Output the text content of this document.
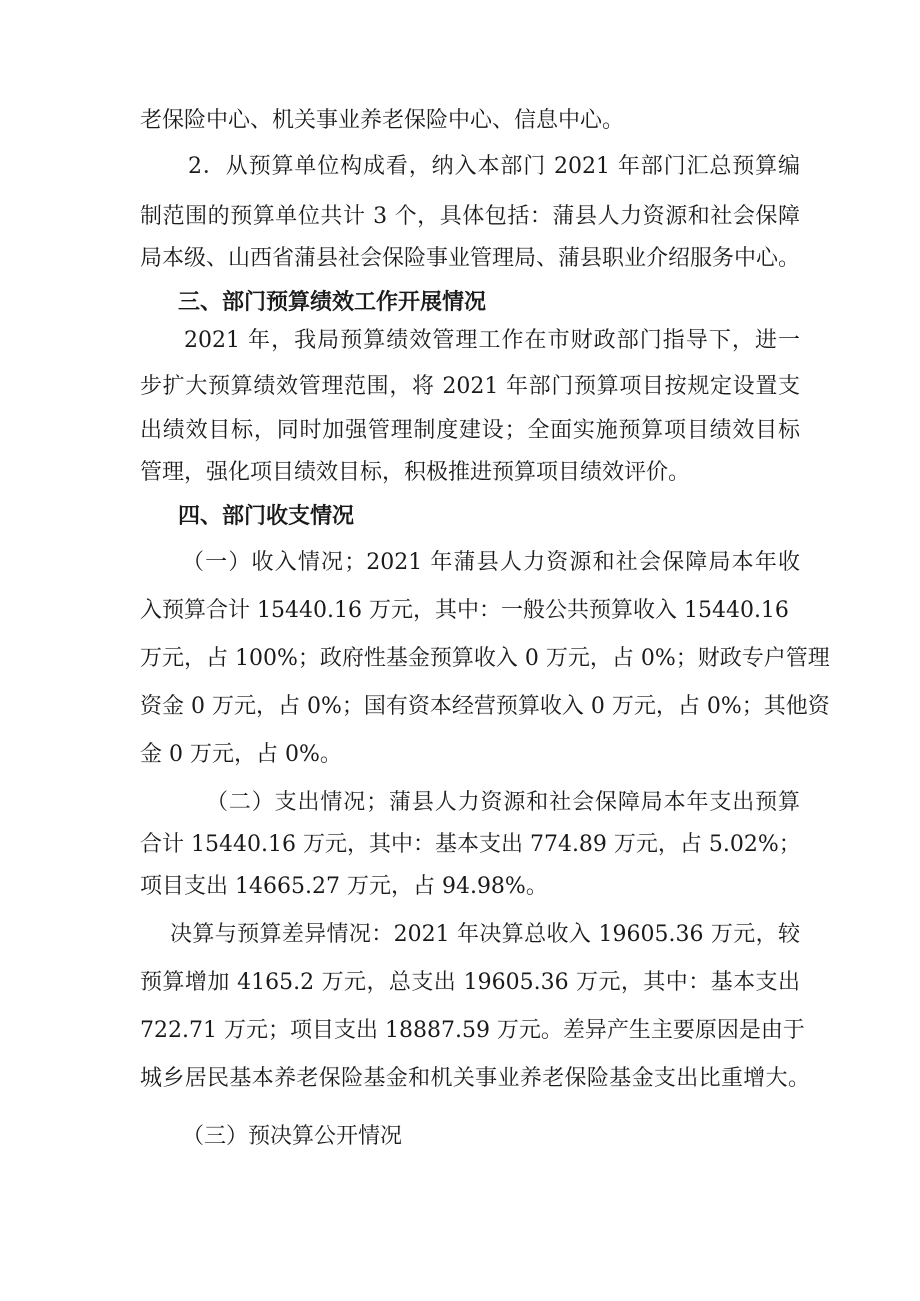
老保险中心、机关事业养老保险中心、信息中心。
2．从预算单位构成看，纳入本部门 2021 年部门汇总预算编
制范围的预算单位共计 3 个，具体包括：蒲县人力资源和社会保障
局本级、山西省蒲县社会保险事业管理局、蒲县职业介绍服务中心。
三、部门预算绩效工作开展情况
2021 年，我局预算绩效管理工作在市财政部门指导下，进一
步扩大预算绩效管理范围，将 2021 年部门预算项目按规定设置支
出绩效目标，同时加强管理制度建设；全面实施预算项目绩效目标
管理，强化项目绩效目标，积极推进预算项目绩效评价。
四、部门收支情况
（一）收入情况；2021 年蒲县人力资源和社会保障局本年收
入预算合计 15440.16 万元，其中：一般公共预算收入 15440.16
万元，占 100%；政府性基金预算收入 0 万元，占 0%；财政专户管理
资金 0 万元，占 0%；国有资本经营预算收入 0 万元，占 0%；其他资
金 0 万元，占 0%。
（二）支出情况；蒲县人力资源和社会保障局本年支出预算
合计 15440.16 万元，其中：基本支出 774.89 万元，占 5.02%；
项目支出 14665.27 万元，占 94.98%。
决算与预算差异情况：2021 年决算总收入 19605.36 万元，较
预算增加 4165.2 万元，总支出 19605.36 万元，其中：基本支出
722.71 万元；项目支出 18887.59 万元。差异产生主要原因是由于
城乡居民基本养老保险基金和机关事业养老保险基金支出比重增大。
（三）预决算公开情况
